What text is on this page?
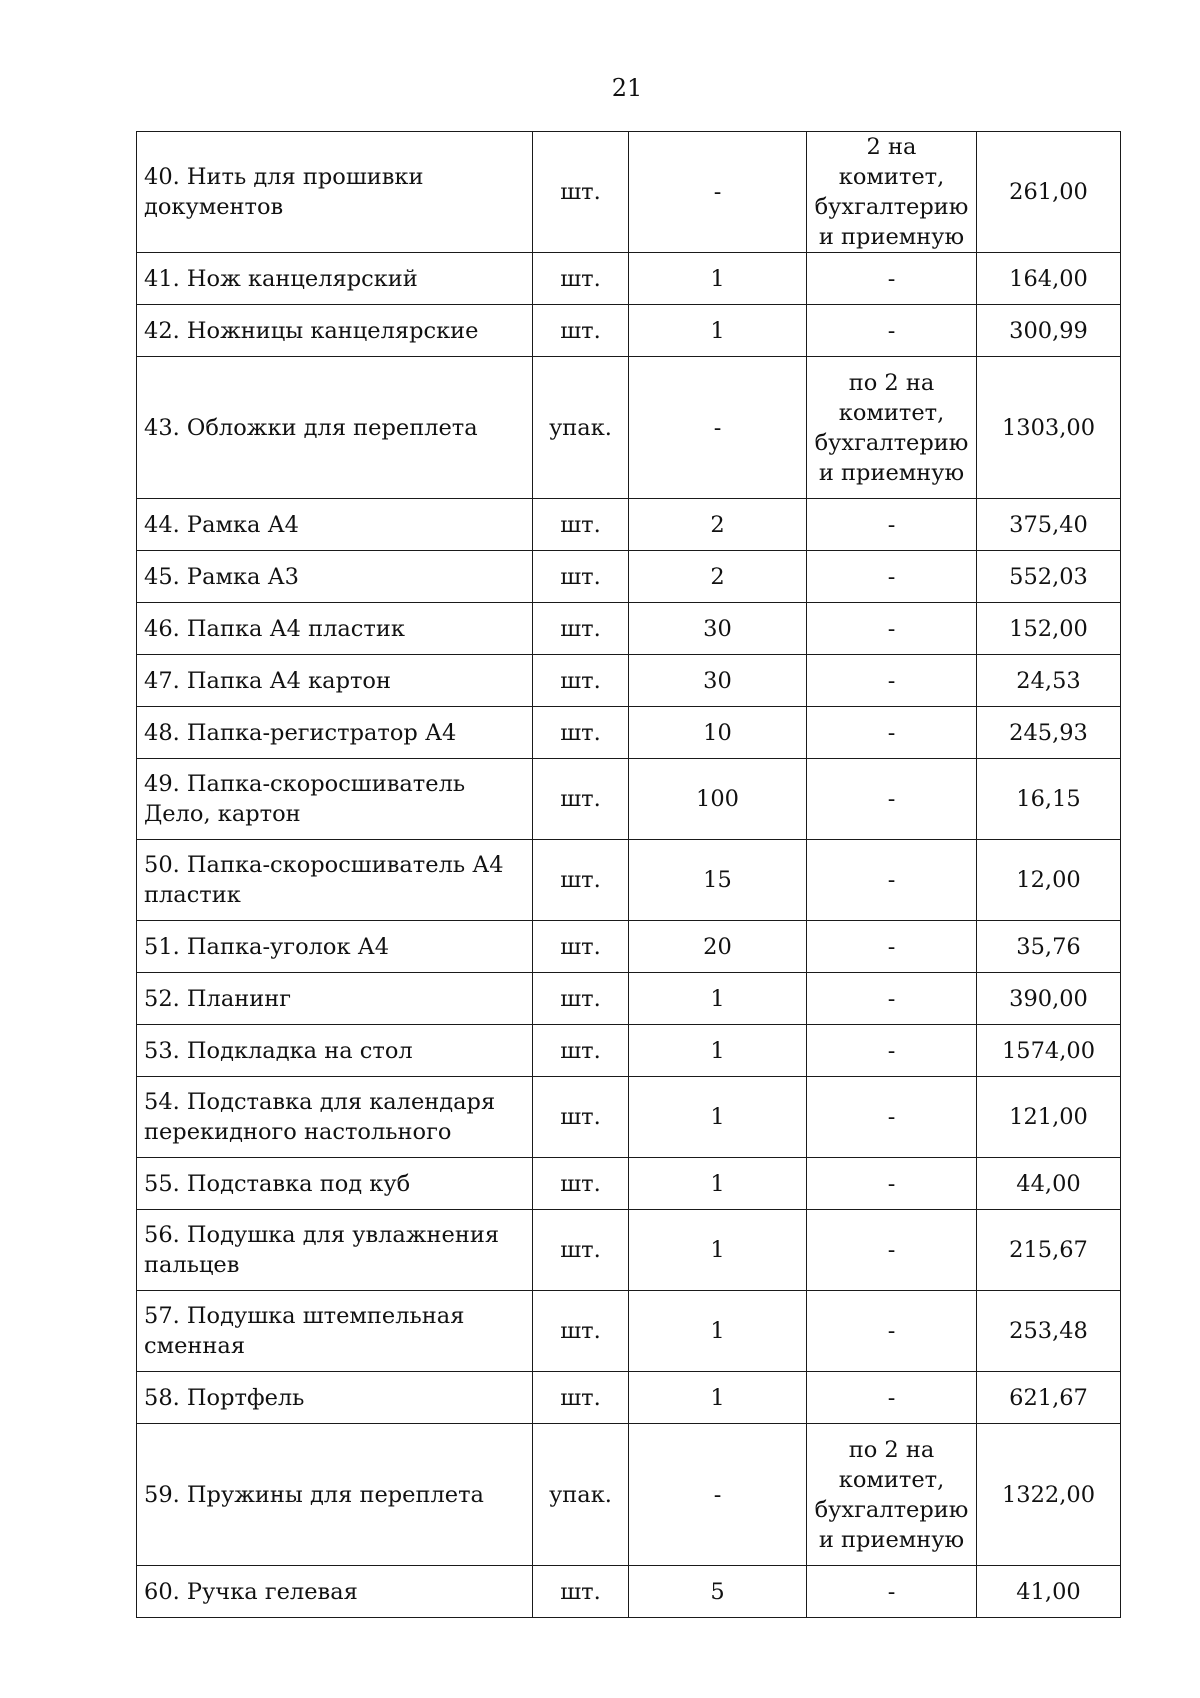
21
40. Нить для прошивки документов	шт.	-	2 на комитет, бухгалтерию и приемную	261,00
41. Нож канцелярский	шт.	1	-	164,00
42. Ножницы канцелярские	шт.	1	-	300,99
43. Обложки для переплета	упак.	-	по 2 на комитет, бухгалтерию и приемную	1303,00
44. Рамка А4	шт.	2	-	375,40
45. Рамка А3	шт.	2	-	552,03
46. Папка А4 пластик	шт.	30	-	152,00
47. Папка А4 картон	шт.	30	-	24,53
48. Папка-регистратор А4	шт.	10	-	245,93
49. Папка-скоросшиватель Дело, картон	шт.	100	-	16,15
50. Папка-скоросшиватель А4 пластик	шт.	15	-	12,00
51. Папка-уголок А4	шт.	20	-	35,76
52. Планинг	шт.	1	-	390,00
53. Подкладка на стол	шт.	1	-	1574,00
54. Подставка для календаря перекидного настольного	шт.	1	-	121,00
55. Подставка под куб	шт.	1	-	44,00
56. Подушка для увлажнения пальцев	шт.	1	-	215,67
57. Подушка штемпельная сменная	шт.	1	-	253,48
58. Портфель	шт.	1	-	621,67
59. Пружины для переплета	упак.	-	по 2 на комитет, бухгалтерию и приемную	1322,00
60. Ручка гелевая	шт.	5	-	41,00
